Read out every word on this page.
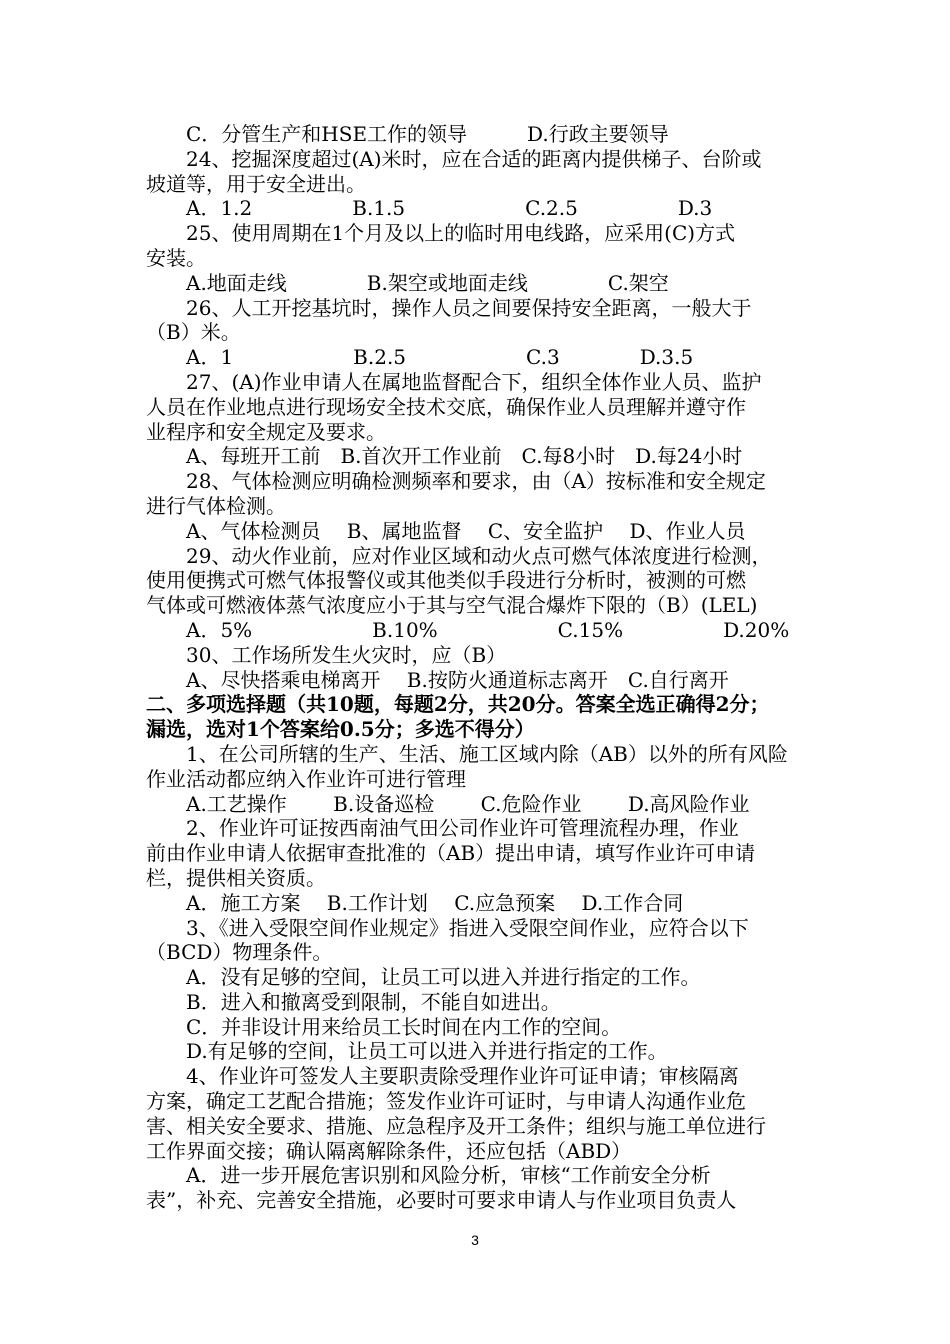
C．分管生产和HSE工作的领导　　　D.行政主要领导
24、挖掘深度超过(A)米时，应在合适的距离内提供梯子、台阶或
坡道等，用于安全进出。
A．1.2　　　　　B.1.5　　　　　　C.2.5　　　　　D.3
25、使用周期在1个月及以上的临时用电线路，应采用(C)方式
安装。
A.地面走线　　　　B.架空或地面走线　　　　C.架空
26、人工开挖基坑时，操作人员之间要保持安全距离，一般大于
（B）米。
A．1　　　　　　B.2.5　　　　　　C.3　　　　D.3.5
27、(A)作业申请人在属地监督配合下，组织全体作业人员、监护
人员在作业地点进行现场安全技术交底，确保作业人员理解并遵守作
业程序和安全规定及要求。
A、每班开工前　B.首次开工作业前　C.每8小时　D.每24小时
28、气体检测应明确检测频率和要求，由（A）按标准和安全规定
进行气体检测。
A、气体检测员　 B、属地监督　 C、安全监护　 D、作业人员
29、动火作业前，应对作业区域和动火点可燃气体浓度进行检测，
使用便携式可燃气体报警仪或其他类似手段进行分析时，被测的可燃
气体或可燃液体蒸气浓度应小于其与空气混合爆炸下限的（B）(LEL)
A．5%　　　　　　B.10%　　　　　　C.15%　　　　　D.20%
30、工作场所发生火灾时，应（B）
A、尽快搭乘电梯离开　 B.按防火通道标志离开　C.自行离开
二、多项选择题（共10题，每题2分，共20分。答案全选正确得2分；
漏选，选对1个答案给0.5分；多选不得分）
1、在公司所辖的生产、生活、施工区域内除（AB）以外的所有风险
作业活动都应纳入作业许可进行管理
A.工艺操作　　 B.设备巡检　　 C.危险作业　　 D.高风险作业
2、作业许可证按西南油气田公司作业许可管理流程办理，作业
前由作业申请人依据审查批准的（AB）提出申请，填写作业许可申请
栏，提供相关资质。
A．施工方案　 B.工作计划　 C.应急预案　 D.工作合同
3、《进入受限空间作业规定》指进入受限空间作业，应符合以下
（BCD）物理条件。
A．没有足够的空间，让员工可以进入并进行指定的工作。
B．进入和撤离受到限制，不能自如进出。
C．并非设计用来给员工长时间在内工作的空间。
D.有足够的空间，让员工可以进入并进行指定的工作。
4、作业许可签发人主要职责除受理作业许可证申请；审核隔离
方案，确定工艺配合措施；签发作业许可证时，与申请人沟通作业危
害、相关安全要求、措施、应急程序及开工条件；组织与施工单位进行
工作界面交接；确认隔离解除条件，还应包括（ABD）
A．进一步开展危害识别和风险分析，审核“工作前安全分析
表”，补充、完善安全措施，必要时可要求申请人与作业项目负责人
3
